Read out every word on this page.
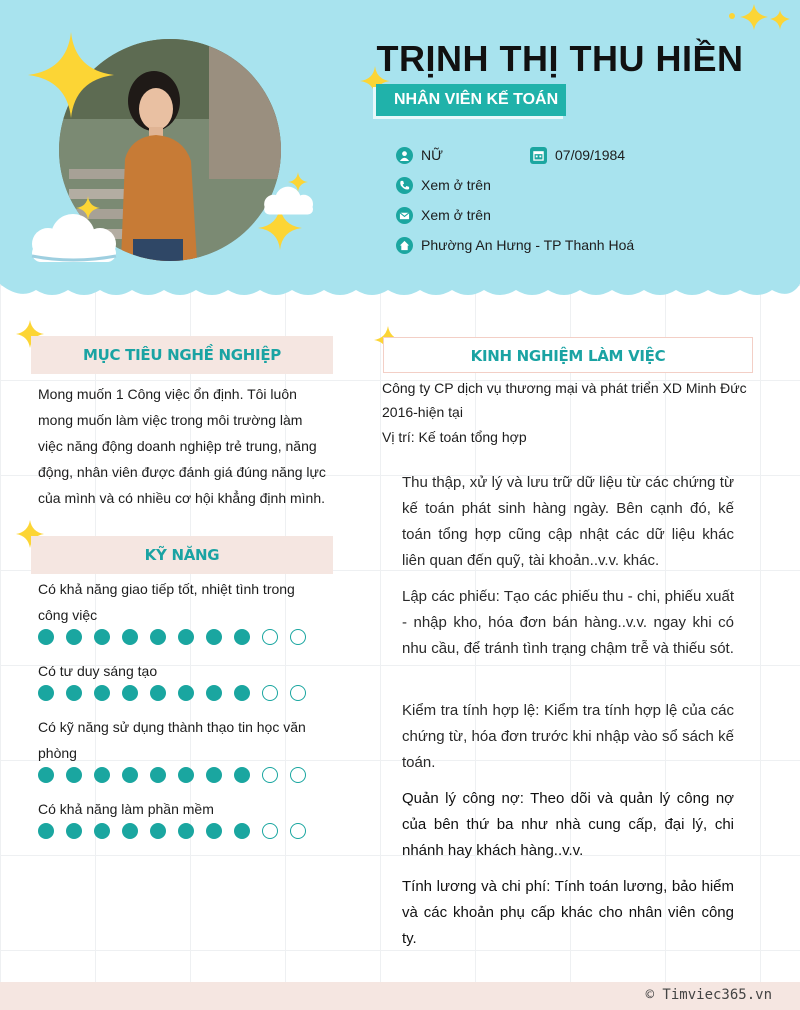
TRỊNH THỊ THU HIỀN
NHÂN VIÊN KẾ TOÁN
NỮ	07/09/1984
Xem ở trên
Xem ở trên
Phường An Hưng - TP Thanh Hoá
MỤC TIÊU NGHỀ NGHIỆP
Mong muốn 1 Công việc ổn định. Tôi luôn
mong muốn làm việc trong môi trường làm
việc năng động doanh nghiệp trẻ trung, năng
động, nhân viên được đánh giá đúng năng lực
của mình và có nhiều cơ hội khẳng định mình.
KỸ NĂNG
Có khả năng giao tiếp tốt, nhiệt tình trong công việc
Có tư duy sáng tạo
Có kỹ năng sử dụng thành thạo tin học văn phòng
Có khả năng làm phần mềm
KINH NGHIỆM LÀM VIỆC
Công ty CP dịch vụ thương mại và phát triển XD Minh Đức
2016-hiện tại
Vị trí: Kế toán tổng hợp
Thu thập, xử lý và lưu trữ dữ liệu từ các chứng từ kế toán phát sinh hàng ngày. Bên cạnh đó, kế toán tổng hợp cũng cập nhật các dữ liệu khác liên quan đến quỹ, tài khoản..v.v. khác.
Lập các phiếu: Tạo các phiếu thu - chi, phiếu xuất - nhập kho, hóa đơn bán hàng..v.v. ngay khi có nhu cầu, để tránh tình trạng chậm trễ và thiếu sót.
Kiểm tra tính hợp lệ: Kiểm tra tính hợp lệ của các chứng từ, hóa đơn trước khi nhập vào sổ sách kế toán.
Quản lý công nợ: Theo dõi và quản lý công nợ của bên thứ ba như nhà cung cấp, đại lý, chi nhánh hay khách hàng..v.v.
Tính lương và chi phí: Tính toán lương, bảo hiểm và các khoản phụ cấp khác cho nhân viên công ty.
© Timviec365.vn
